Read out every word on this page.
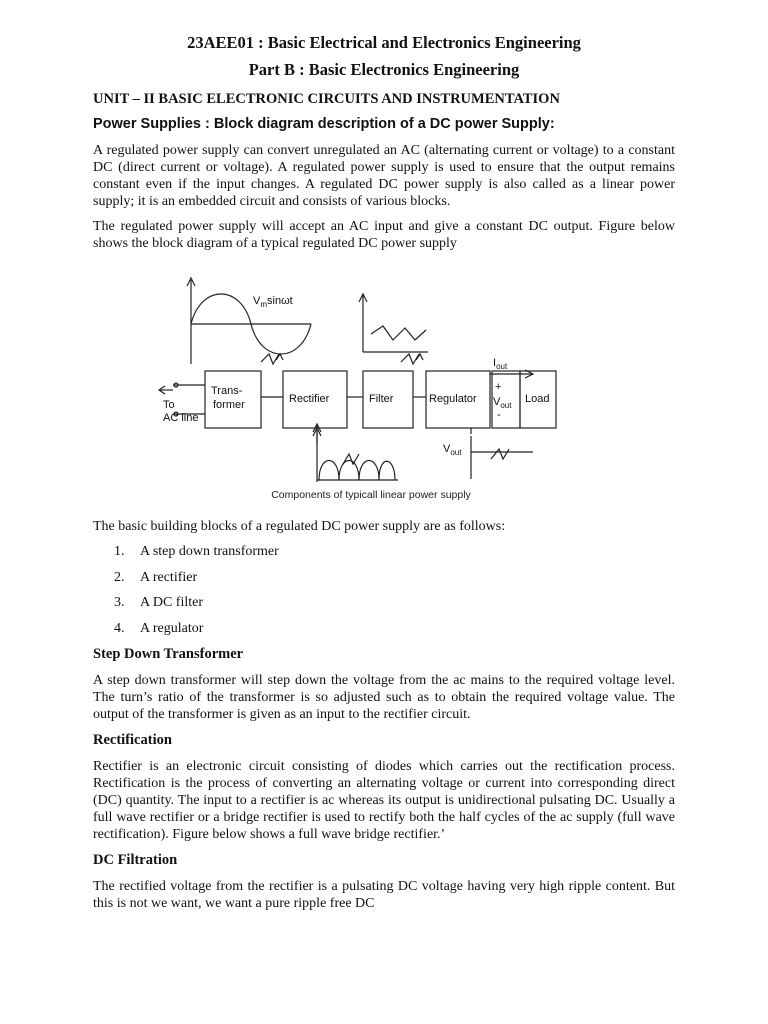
23AEE01 : Basic Electrical and Electronics Engineering
Part B : Basic Electronics Engineering
UNIT – II BASIC ELECTRONIC CIRCUITS AND INSTRUMENTATION
Power Supplies : Block diagram description of a DC power Supply:

A regulated power supply can convert unregulated an AC (alternating current or voltage) to a constant DC (direct current or voltage). A regulated power supply is used to ensure that the output remains constant even if the input changes. A regulated DC power supply is also called as a linear power supply; it is an embedded circuit and consists of various blocks.

The regulated power supply will accept an AC input and give a constant DC output. Figure below shows the block diagram of a typical regulated DC power supply

$V_m\sin\omega t$
To
AC line
Trans-
former	Rectifier	Filter	Regulator	Load
$I_{out}$
+
$V_{out}$
-
$V_{out}$
Components of typicall linear power supply

The basic building blocks of a regulated DC power supply are as follows:

1.	A step down transformer
2.	A rectifier
3.	A DC filter
4.	A regulator
Step Down Transformer

A step down transformer will step down the voltage from the ac mains to the required voltage level. The turn’s ratio of the transformer is so adjusted such as to obtain the required voltage value. The output of the transformer is given as an input to the rectifier circuit.

Rectification

Rectifier is an electronic circuit consisting of diodes which carries out the rectification process. Rectification is the process of converting an alternating voltage or current into corresponding direct (DC) quantity. The input to a rectifier is ac whereas its output is unidirectional pulsating DC. Usually a full wave rectifier or a bridge rectifier is used to rectify both the half cycles of the ac supply (full wave rectification). Figure below shows a full wave bridge rectifier.’

DC Filtration

The rectified voltage from the rectifier is a pulsating DC voltage having very high ripple content. But this is not we want, we want a pure ripple free DC
